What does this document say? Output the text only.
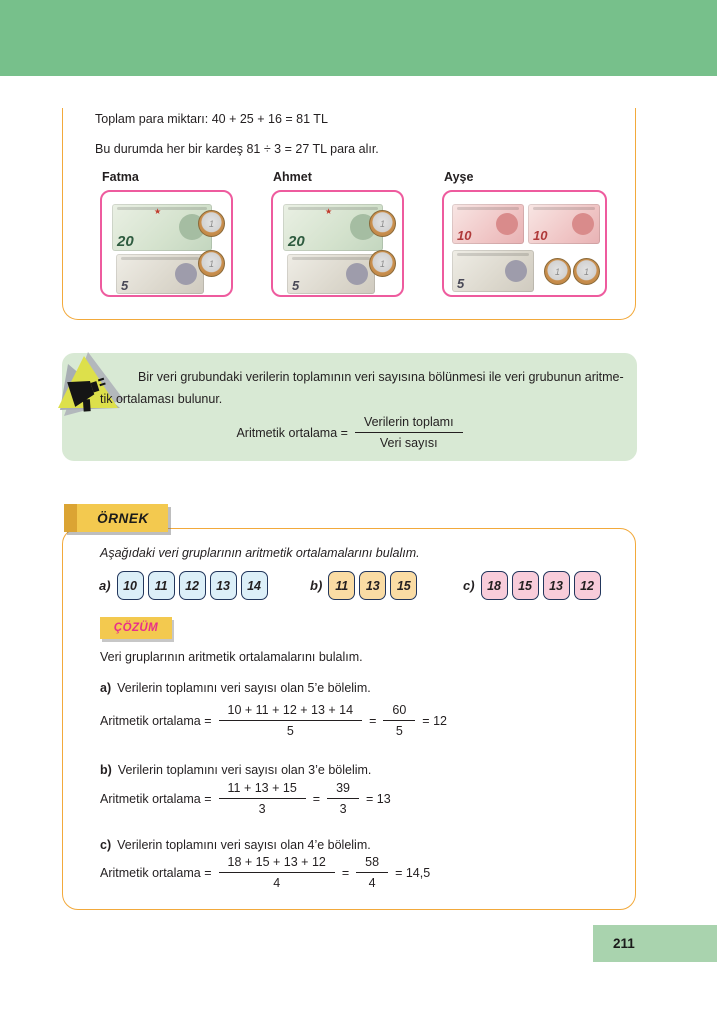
Toplam para miktarı: 40 + 25 + 16 = 81 TL
Bu durumda her bir kardeş 81 ÷ 3 = 27 TL para alır.
Fatma	Ahmet	Ayşe
★
20
5
1
1
★
20
5
1
1
10	10
5
1	1
Bir veri grubundaki verilerin toplamının veri sayısına bölünmesi ile veri grubunun aritme-
tik ortalaması bulunur.
Aritmetik ortalama = $\frac{\text{Verilerin toplamı}}{\text{Veri sayısı}}$
ÖRNEK
Aşağıdaki veri gruplarının aritmetik ortalamalarını bulalım.
a)	10	11	12	13	14	b)	11	13	15	c)	18	15	13	12
ÇÖZÜM
Veri gruplarının aritmetik ortalamalarını bulalım.
a) Verilerin toplamını veri sayısı olan 5’e bölelim.
Aritmetik ortalama = $\frac{10 + 11 + 12 + 13 + 14}{5} = \frac{60}{5} = 12$
b) Verilerin toplamını veri sayısı olan 3’e bölelim.
Aritmetik ortalama = $\frac{11 + 13 + 15}{3} = \frac{39}{3} = 13$
c) Verilerin toplamını veri sayısı olan 4’e bölelim.
Aritmetik ortalama = $\frac{18 + 15 + 13 + 12}{4} = \frac{58}{4} = 14,5$
211
